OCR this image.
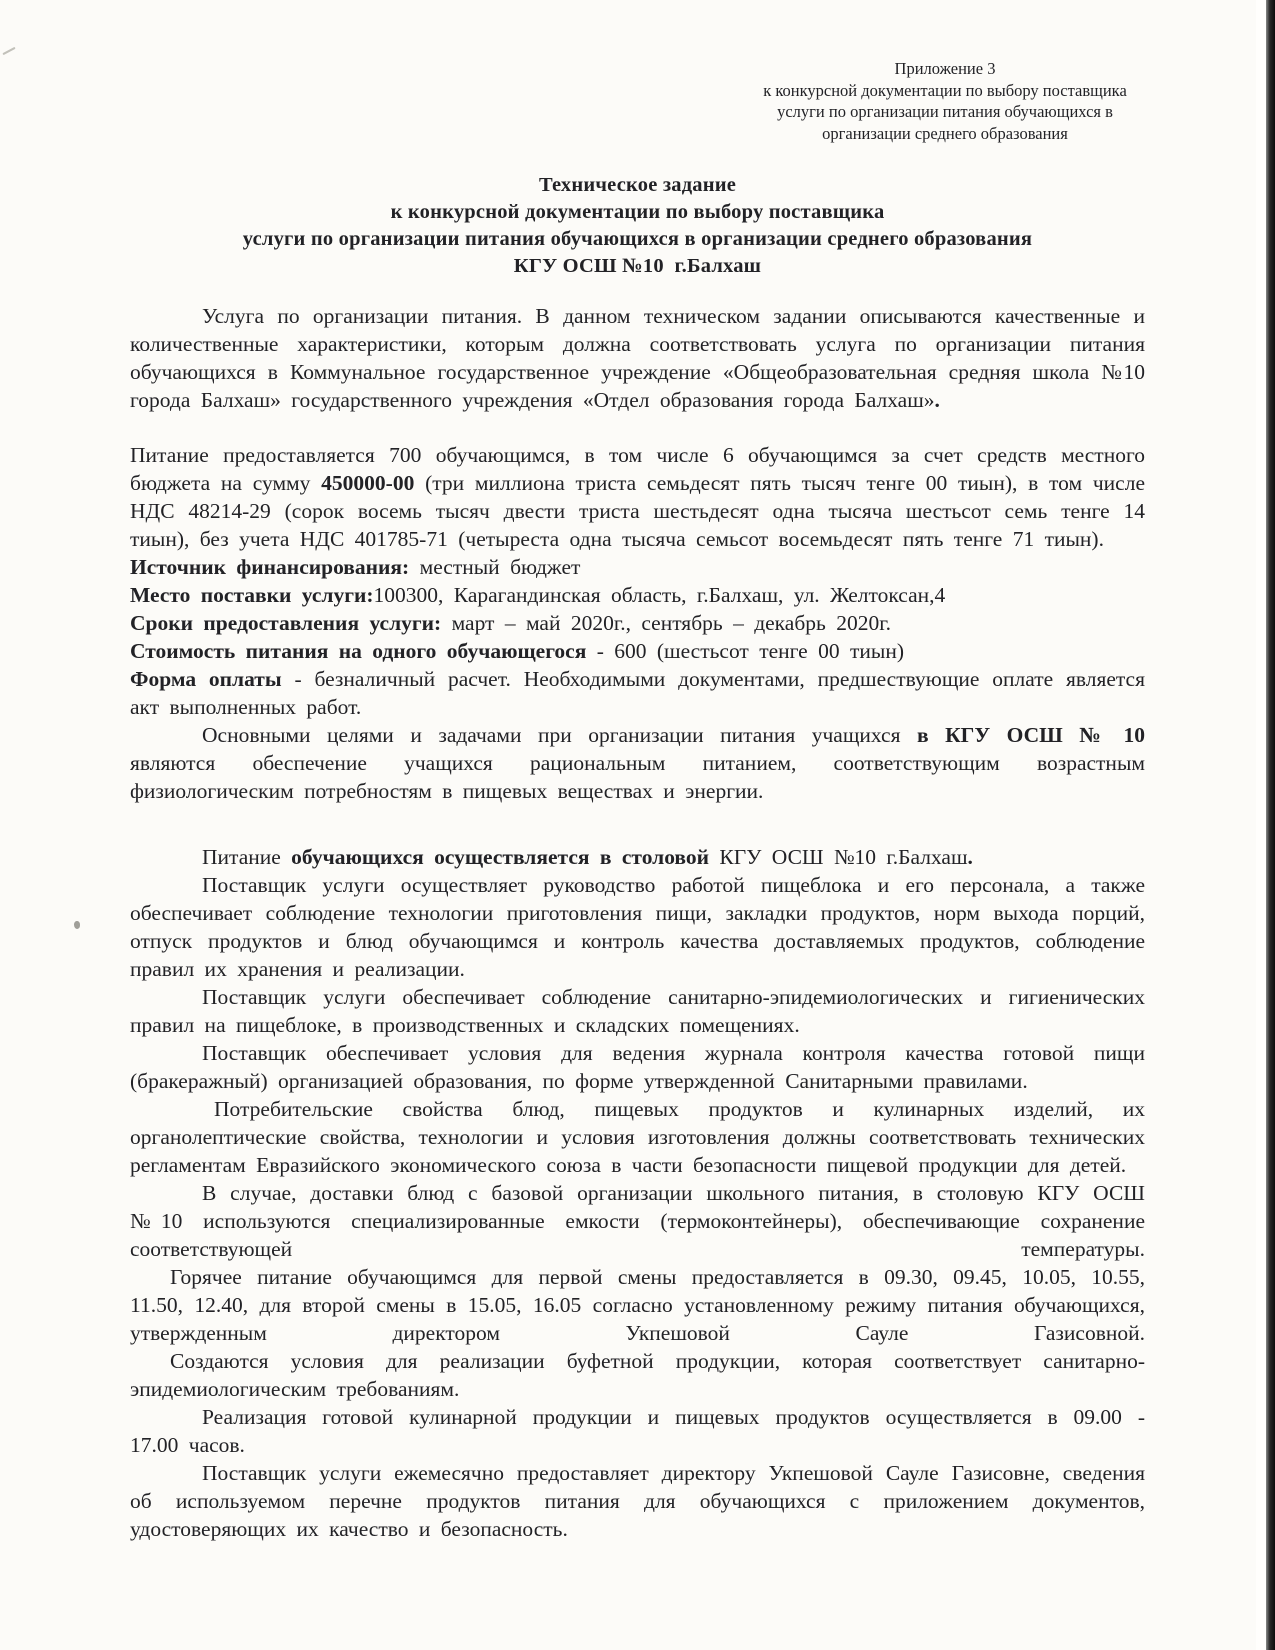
Приложение 3
к конкурсной документации по выбору поставщика
услуги по организации питания обучающихся в
организации среднего образования
Техническое задание
к конкурсной документации по выбору поставщика
услуги по организации питания обучающихся в организации среднего образования
КГУ ОСШ №10  г.Балхаш

Услуга по организации питания. В данном техническом задании описываются качественные и количественные характеристики, которым должна соответствовать услуга по организации питания обучающихся в Коммунальное государственное учреждение «Общеобразовательная средняя школа №10 города Балхаш» государственного учреждения «Отдел образования города Балхаш».

Питание предоставляется 700 обучающимся, в том числе 6 обучающимся за счет средств местного бюджета на сумму 450000-00 (три миллиона триста семьдесят пять тысяч тенге 00 тиын), в том числе НДС 48214-29 (сорок восемь тысяч двести триста шестьдесят одна тысяча шестьсот семь тенге 14 тиын), без учета НДС 401785-71 (четыреста одна тысяча семьсот восемьдесят пять тенге 71 тиын).

Источник финансирования: местный бюджет

Место поставки услуги:100300, Карагандинская область, г.Балхаш, ул. Желтоксан,4

Сроки предоставления услуги: март – май 2020г., сентябрь – декабрь 2020г.

Стоимость питания на одного обучающегося - 600 (шестьсот тенге 00 тиын)

Форма оплаты - безналичный расчет. Необходимыми документами, предшествующие оплате является акт выполненных работ.

Основными целями и задачами при организации питания учащихся в КГУ ОСШ № 10 являются обеспечение учащихся рациональным питанием, соответствующим возрастным физиологическим потребностям в пищевых веществах и энергии.

Питание обучающихся осуществляется в столовой КГУ ОСШ №10 г.Балхаш.

Поставщик услуги осуществляет руководство работой пищеблока и его персонала, а также обеспечивает соблюдение технологии приготовления пищи, закладки продуктов, норм выхода порций, отпуск продуктов и блюд обучающимся и контроль качества доставляемых продуктов, соблюдение правил их хранения и реализации.

Поставщик услуги обеспечивает соблюдение санитарно-эпидемиологических и гигиенических правил на пищеблоке, в производственных и складских помещениях.

Поставщик обеспечивает условия для ведения журнала контроля качества готовой пищи (бракеражный) организацией образования, по форме утвержденной Санитарными правилами.

Потребительские свойства блюд, пищевых продуктов и кулинарных изделий, их органолептические свойства, технологии и условия изготовления должны соответствовать технических регламентам Евразийского экономического союза в части безопасности пищевой продукции для детей.

В случае, доставки блюд с базовой организации школьного питания, в столовую КГУ ОСШ №10 используются специализированные емкости (термоконтейнеры), обеспечивающие сохранение соответствующей температуры.

Горячее питание обучающимся для первой смены предоставляется в 09.30, 09.45, 10.05, 10.55, 11.50, 12.40, для второй смены в 15.05, 16.05 согласно установленному режиму питания обучающихся, утвержденным директором Укпешовой Сауле Газисовной.

Создаются условия для реализации буфетной продукции, которая соответствует санитарно-эпидемиологическим требованиям.

Реализация готовой кулинарной продукции и пищевых продуктов осуществляется в 09.00 - 17.00 часов.

Поставщик услуги ежемесячно предоставляет директору Укпешовой Сауле Газисовне, сведения об используемом перечне продуктов питания для обучающихся с приложением документов, удостоверяющих их качество и безопасность.
